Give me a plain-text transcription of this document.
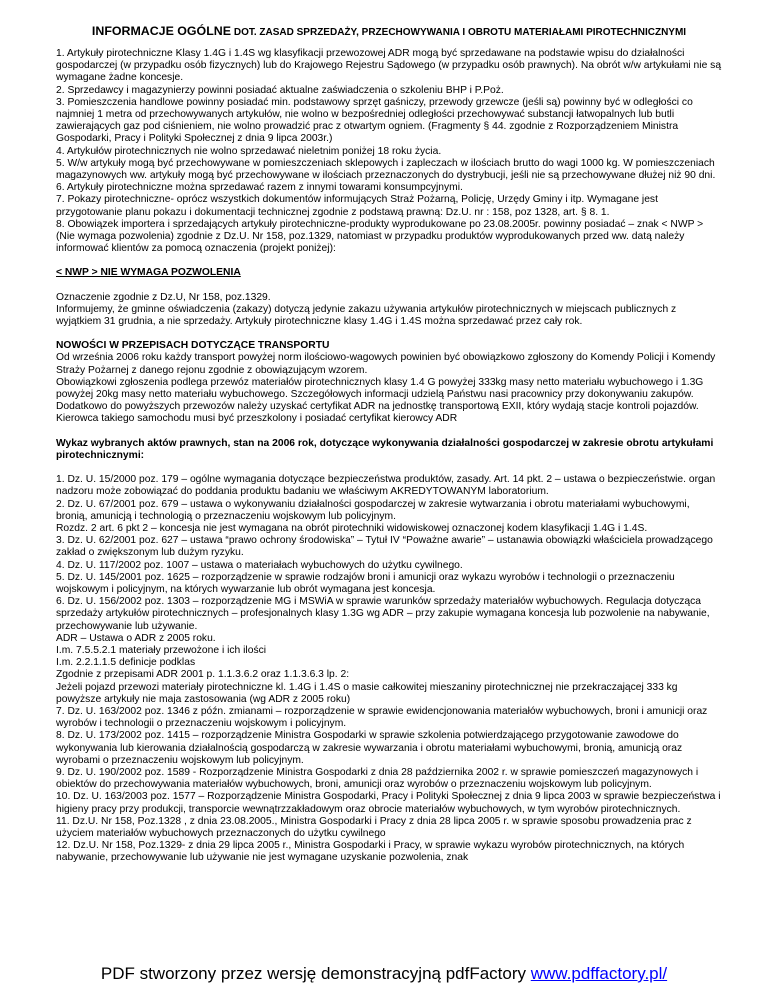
INFORMACJE OGÓLNE DOT. ZASAD SPRZEDAŻY, PRZECHOWYWANIA I OBROTU MATERIAŁAMI PIROTECHNICZNYMI

1. Artykuły pirotechniczne Klasy 1.4G i 1.4S wg klasyfikacji przewozowej ADR mogą być sprzedawane na podstawie wpisu do działalności gospodarczej (w przypadku osób fizycznych) lub do Krajowego Rejestru Sądowego (w przypadku osób prawnych). Na obrót w/w artykułami nie są wymagane żadne koncesje.

2. Sprzedawcy i magazynierzy powinni posiadać aktualne zaświadczenia o szkoleniu BHP i P.Poż.

3. Pomieszczenia handlowe powinny posiadać min. podstawowy sprzęt gaśniczy, przewody grzewcze (jeśli są) powinny być w odległości co najmniej 1 metra od przechowywanych artykułów, nie wolno w bezpośredniej odległości przechowywać substancji łatwopalnych lub butli zawierających gaz pod ciśnieniem, nie wolno prowadzić prac z otwartym ogniem. (Fragmenty § 44. zgodnie z Rozporządzeniem Ministra Gospodarki, Pracy i Polityki Społecznej z dnia 9 lipca 2003r.)

4. Artykułów pirotechnicznych nie wolno sprzedawać nieletnim poniżej 18 roku życia.

5. W/w artykuły mogą być przechowywane w pomieszczeniach sklepowych i zapleczach w ilościach brutto do wagi 1000 kg. W pomieszczeniach magazynowych ww. artykuły mogą być przechowywane w ilościach przeznaczonych do dystrybucji, jeśli nie są przechowywane dłużej niż 90 dni.

6. Artykuły pirotechniczne można sprzedawać razem z innymi towarami konsumpcyjnymi.

7. Pokazy pirotechniczne- oprócz wszystkich dokumentów informujących Straż Pożarną, Policję, Urzędy Gminy i itp. Wymagane jest przygotowanie planu pokazu i dokumentacji technicznej zgodnie z podstawą prawną: Dz.U. nr : 158, poz 1328, art. § 8. 1.

8. Obowiązek importera i sprzedających artykuły pirotechniczne-produkty wyprodukowane po 23.08.2005r. powinny posiadać – znak < NWP >(Nie wymaga pozwolenia) zgodnie z Dz.U. Nr 158, poz.1329, natomiast w przypadku produktów wyprodukowanych przed ww. datą należy informować klientów za pomocą oznaczenia (projekt poniżej):

< NWP > NIE WYMAGA POZWOLENIA

Oznaczenie zgodnie z Dz.U, Nr 158, poz.1329.

Informujemy, że gminne oświadczenia (zakazy) dotyczą jedynie zakazu używania artykułów pirotechnicznych w miejscach publicznych z wyjątkiem 31 grudnia, a nie sprzedaży. Artykuły pirotechniczne klasy 1.4G i 1.4S można sprzedawać przez cały rok.

NOWOŚCI W PRZEPISACH DOTYCZĄCE TRANSPORTU

Od września 2006 roku każdy transport powyżej norm ilościowo-wagowych powinien być obowiązkowo zgłoszony do Komendy Policji i Komendy Straży Pożarnej z danego rejonu zgodnie z obowiązującym wzorem.

Obowiązkowi zgłoszenia podlega przewóz materiałów pirotechnicznych klasy 1.4 G powyżej 333kg masy netto materiału wybuchowego i 1.3G powyżej 20kg masy netto materiału wybuchowego. Szczegółowych informacji udzielą Państwu nasi pracownicy przy dokonywaniu zakupów.

Dodatkowo do powyższych przewozów należy uzyskać certyfikat ADR na jednostkę transportową EXII, który wydają stacje kontroli pojazdów. Kierowca takiego samochodu musi być przeszkolony i posiadać certyfikat kierowcy ADR

Wykaz wybranych aktów prawnych, stan na 2006 rok, dotyczące wykonywania działalności gospodarczej w zakresie obrotu artykułami pirotechnicznymi:

1. Dz. U. 15/2000 poz. 179 – ogólne wymagania dotyczące bezpieczeństwa produktów, zasady. Art. 14 pkt. 2 – ustawa o bezpieczeństwie. organ nadzoru może zobowiązać do poddania produktu badaniu we właściwym AKREDYTOWANYM laboratorium.

2. Dz. U. 67/2001 poz. 679 – ustawa o wykonywaniu działalności gospodarczej w zakresie wytwarzania i obrotu materiałami wybuchowymi, bronią, amunicją i technologią o przeznaczeniu wojskowym lub policyjnym.

Rozdz. 2 art. 6 pkt 2 – koncesja nie jest wymagana na obrót pirotechniki widowiskowej oznaczonej kodem klasyfikacji 1.4G i 1.4S.

3. Dz. U. 62/2001 poz. 627 – ustawa “prawo ochrony środowiska” – Tytuł IV “Poważne awarie” – ustanawia obowiązki właściciela prowadzącego zakład o zwiększonym lub dużym ryzyku.

4. Dz. U. 117/2002 poz. 1007 – ustawa o materiałach wybuchowych do użytku cywilnego.

5. Dz. U. 145/2001 poz. 1625 – rozporządzenie w sprawie rodzajów broni i amunicji oraz wykazu wyrobów i technologii o przeznaczeniu wojskowym i policyjnym, na których wywarzanie lub obrót wymagana jest koncesja.

6. Dz. U. 156/2002 poz. 1303 – rozporządzenie MG i MSWiA w sprawie warunków sprzedaży materiałów wybuchowych. Regulacja dotycząca sprzedaży artykułów pirotechnicznych – profesjonalnych klasy 1.3G wg ADR – przy zakupie wymagana koncesja lub pozwolenie na nabywanie, przechowywanie lub używanie.

ADR – Ustawa o ADR z 2005 roku.

I.m. 7.5.5.2.1 materiały przewożone i ich ilości

I.m. 2.2.1.1.5 definicje podklas

Zgodnie z przepisami ADR 2001 p. 1.1.3.6.2 oraz 1.1.3.6.3 lp. 2:

Jeżeli pojazd przewozi materiały pirotechniczne kl. 1.4G i 1.4S o masie całkowitej mieszaniny pirotechnicznej nie przekraczającej 333 kg powyższe artykuły nie maja zastosowania (wg ADR z 2005 roku)

7. Dz. U. 163/2002 poz. 1346 z późn. zmianami – rozporządzenie w sprawie ewidencjonowania materiałów wybuchowych, broni i amunicji oraz wyrobów i technologii o przeznaczeniu wojskowym i policyjnym.

8. Dz. U. 173/2002 poz. 1415 – rozporządzenie Ministra Gospodarki w sprawie szkolenia potwierdzającego przygotowanie zawodowe do wykonywania lub kierowania działalnością gospodarczą w zakresie wywarzania i obrotu materiałami wybuchowymi, bronią, amunicją oraz wyrobami o przeznaczeniu wojskowym lub policyjnym.

9. Dz. U. 190/2002 poz. 1589 - Rozporządzenie Ministra Gospodarki z dnia 28 października 2002 r. w sprawie pomieszczeń magazynowych i obiektów do przechowywania materiałów wybuchowych, broni, amunicji oraz wyrobów o przeznaczeniu wojskowym lub policyjnym.

10. Dz. U. 163/2003 poz. 1577 – Rozporządzenie Ministra Gospodarki, Pracy i Polityki Społecznej z dnia 9 lipca 2003 w sprawie bezpieczeństwa i higieny pracy przy produkcji, transporcie wewnątrzzakładowym oraz obrocie materiałów wybuchowych, w tym wyrobów pirotechnicznych.

11. Dz.U. Nr 158, Poz.1328 , z dnia 23.08.2005., Ministra Gospodarki i Pracy z dnia 28 lipca 2005 r. w sprawie sposobu prowadzenia prac z użyciem materiałów wybuchowych przeznaczonych do użytku cywilnego

12. Dz.U. Nr 158, Poz.1329- z dnia 29 lipca 2005 r., Ministra Gospodarki i Pracy, w sprawie wykazu wyrobów pirotechnicznych, na których nabywanie, przechowywanie lub używanie nie jest wymagane uzyskanie pozwolenia, znak

PDF stworzony przez wersję demonstracyjną pdfFactory www.pdffactory.pl/
